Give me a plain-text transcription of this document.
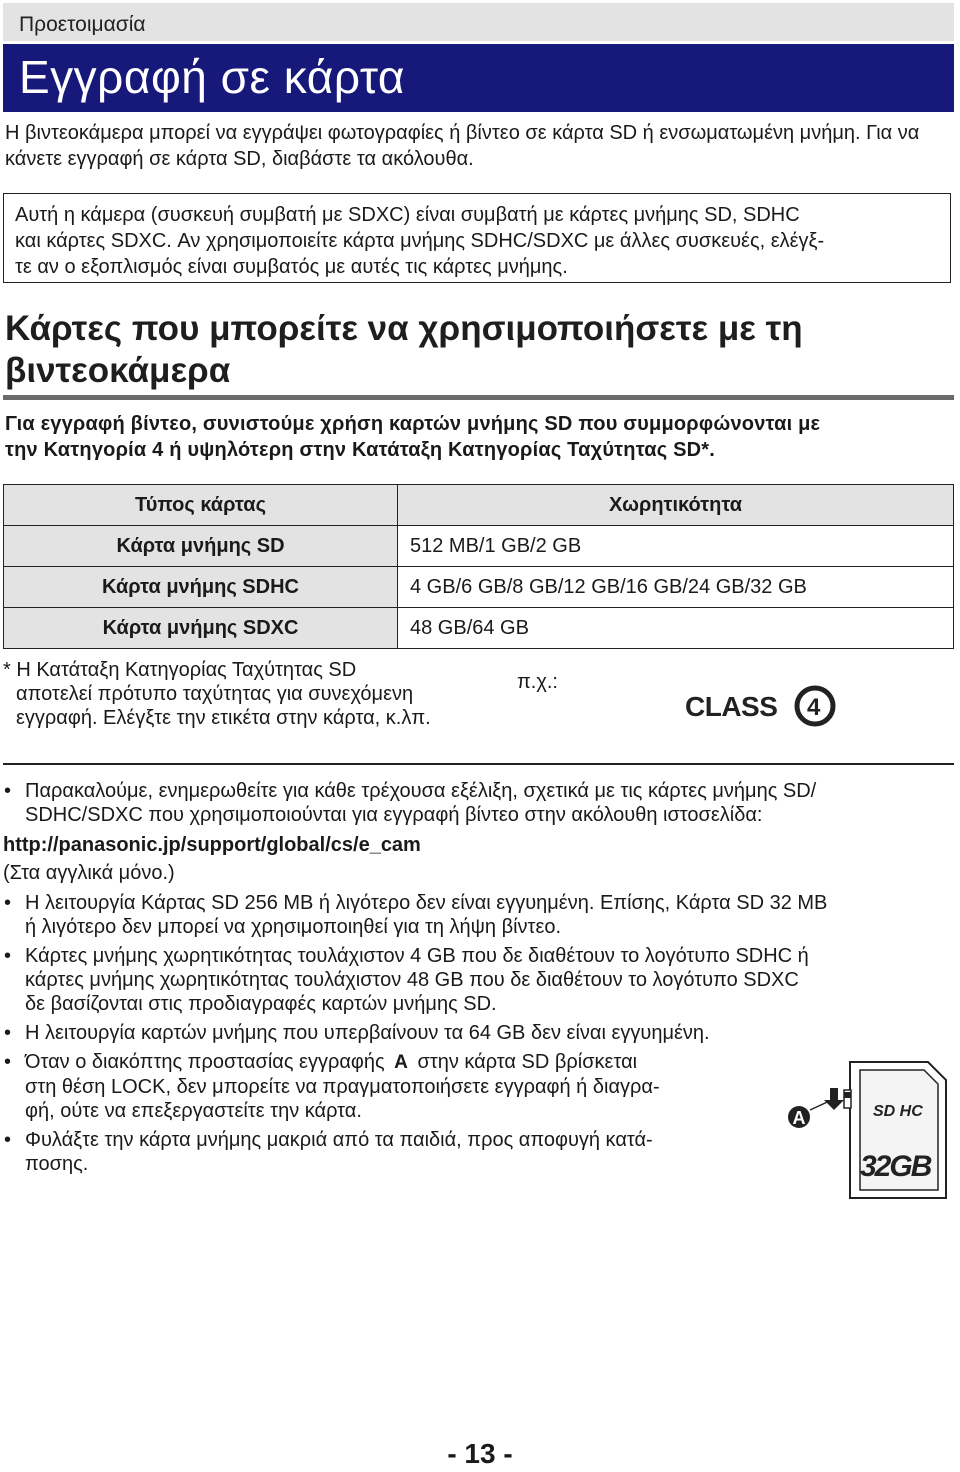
Προετοιμασία
Εγγραφή σε κάρτα
Η βιντεοκάμερα μπορεί να εγγράψει φωτογραφίες ή βίντεο σε κάρτα SD ή ενσωματωμένη μνήμη. Για να κάνετε εγγραφή σε κάρτα SD, διαβάστε τα ακόλουθα.

Αυτή η κάμερα (συσκευή συμβατή με SDXC) είναι συμβατή με κάρτες μνήμης SD, SDHC
και κάρτες SDXC. Αν χρησιμοποιείτε κάρτα μνήμης SDHC/SDXC με άλλες συσκευές, ελέγξ-
τε αν ο εξοπλισμός είναι συμβατός με αυτές τις κάρτες μνήμης.

Κάρτες που μπορείτε να χρησιμοποιήσετε με τη
βιντεοκάμερα
Για εγγραφή βίντεο, συνιστούμε χρήση καρτών μνήμης SD που συμμορφώνονται με
την Κατηγορία 4 ή υψηλότερη στην Κατάταξη Κατηγορίας Ταχύτητας SD*.
Τύπος κάρτας	Χωρητικότητα
Κάρτα μνήμης SD	512 MB/1 GB/2 GB
Κάρτα μνήμης SDHC	4 GB/6 GB/8 GB/12 GB/16 GB/24 GB/32 GB
Κάρτα μνήμης SDXC	48 GB/64 GB
* Η Κατάταξη Κατηγορίας Ταχύτητας SD
αποτελεί πρότυπο ταχύτητας για συνεχόμενη
εγγραφή. Ελέγξτε την ετικέτα στην κάρτα, κ.λπ.
π.χ.:
CLASS 4
• Παρακαλούμε, ενημερωθείτε για κάθε τρέχουσα εξέλιξη, σχετικά με τις κάρτες μνήμης SD/
SDHC/SDXC που χρησιμοποιούνται για εγγραφή βίντεο στην ακόλουθη ιστοσελίδα:
http://panasonic.jp/support/global/cs/e_cam
(Στα αγγλικά μόνο.)
• Η λειτουργία Κάρτας SD 256 MB ή λιγότερο δεν είναι εγγυημένη. Επίσης, Κάρτα SD 32 MB
ή λιγότερο δεν μπορεί να χρησιμοποιηθεί για τη λήψη βίντεο.
• Κάρτες μνήμης χωρητικότητας τουλάχιστον 4 GB που δε διαθέτουν το λογότυπο SDHC ή
κάρτες μνήμης χωρητικότητας τουλάχιστον 48 GB που δε διαθέτουν το λογότυπο SDXC
δε βασίζονται στις προδιαγραφές καρτών μνήμης SD.
• Η λειτουργία καρτών μνήμης που υπερβαίνουν τα 64 GB δεν είναι εγγυημένη.
• Όταν ο διακόπτης προστασίας εγγραφής A στην κάρτα SD βρίσκεται
στη θέση LOCK, δεν μπορείτε να πραγματοποιήσετε εγγραφή ή διαγρα-
φή, ούτε να επεξεργαστείτε την κάρτα.
• Φυλάξτε την κάρτα μνήμης μακριά από τα παιδιά, προς αποφυγή κατά-
ποσης.
A	SD HC
32GB
- 13 -
